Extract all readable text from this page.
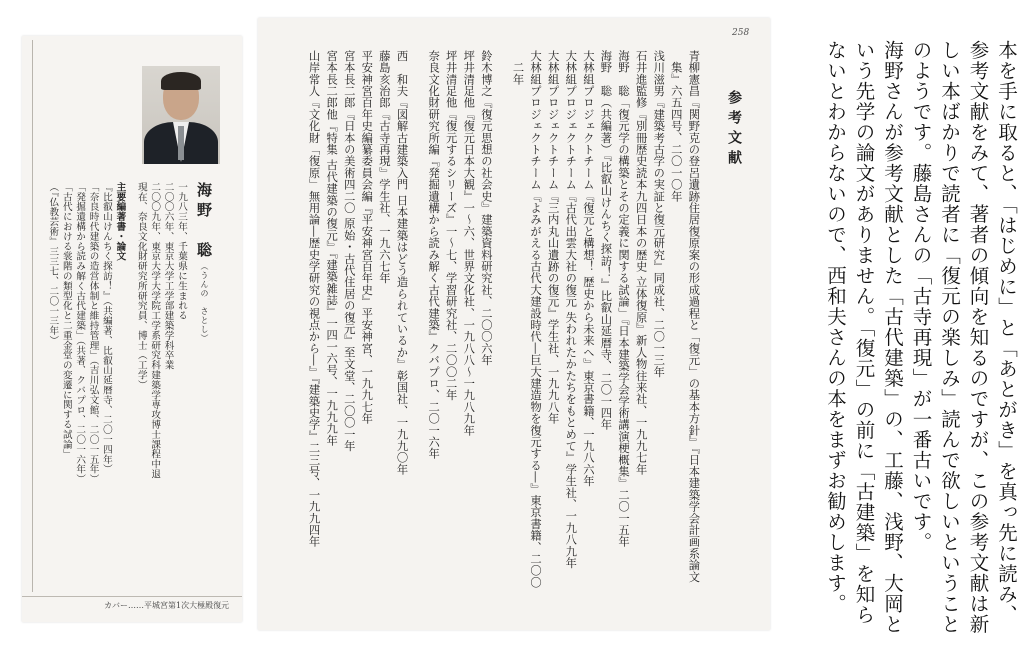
海野　聡（うんの　さとし）
一九八三年、千葉県に生まれる
二〇〇六年、東京大学工学部建築学科卒業
二〇〇九年、東京大学大学院工学系研究科建築学専攻博士課程中退
現在、奈良文化財研究所研究員、博士（工学）
主要編著書・論文
『比叡山けんちく探訪！』（共編著、比叡山延暦寺、二〇一四年）
「奈良時代建築の造営体制と維持管理」（吉川弘文館、二〇一五年）
「発掘遺構から読み解く古代建築」（共著、クバプロ、二〇一六年）
「古代における裳階の類型化と二重金堂の変遷に関する試論」
（『仏教芸術』三三七、二〇一三年）
カバー……平城宮第1次大極殿復元
258
参考文献
青柳憲昌『関野克の登呂遺跡住居復原案の形成過程と「復元」の基本方針』『日本建築学会計画系論文
　集』六五四号、二〇一〇年
浅川滋男『建築考古学の実証と復元研究』同成社、二〇一三年
石井進監修『別冊歴史読本九四日本の歴史 立体復原』新人物往来社、一九九七年
海野　聡「復元学の構築とその定義に関する試論」『日本建築学会学術講演梗概集』二〇一五年
海野　聡（共編著）『比叡山けんちく探訪！』比叡山延暦寺、二〇一四年
大林組プロジェクトチーム『復元と構想！ 歴史から未来へ』東京書籍、一九八六年
大林組プロジェクトチーム『古代出雲大社の復元 失われたかたちをもとめて』学生社、一九八九年
大林組プロジェクトチーム『三内丸山遺跡の復元』学生社、一九九八年
大林組プロジェクトチーム『よみがえる古代大建設時代―巨大建造物を復元する―』東京書籍、二〇〇
　二年
鈴木博之『復元思想の社会史』建築資料研究社、二〇〇六年
坪井清足他『復元日本大観』一～六、世界文化社、一九八八～一九八九年
坪井清足他『復元するシリーズ』一～七、学習研究社、二〇〇二年
奈良文化財研究所編『発掘遺構から読み解く古代建築』クバプロ、二〇一六年
西　和夫『図解古建築入門 日本建築はどう造られているか』彰国社、一九九〇年
藤島亥治郎『古寺再現』学生社、一九六七年
平安神宮百年史編纂委員会編『平安神宮百年史』平安神宮、一九九七年
宮本長二郎『日本の美術四二〇 原始・古代住居の復元』至文堂、二〇〇一年
宮本長二郎他『特集 古代建築の復元』『建築雑誌』一四一六号、一九九九年
山岸常人『文化財「復原」無用論―歴史学研究の視点から―』『建築史学』二三号、一九九四年	本を手に取ると、「はじめに」と「あとがき」を真っ先に読み、参考文献をみて、著者の傾向を知るのですが、この参考文献は新しい本ばかりで読者に「復元の楽しみ」読んで欲しいということのようです。藤島さんの「古寺再現」が一番古いです。
海野さんが参考文献とした「古代建築」の、工藤、浅野、大岡という先学の論文がありません。「復元」の前に「古建築」を知らないとわからないので、西和夫さんの本をまずお勧めします。
